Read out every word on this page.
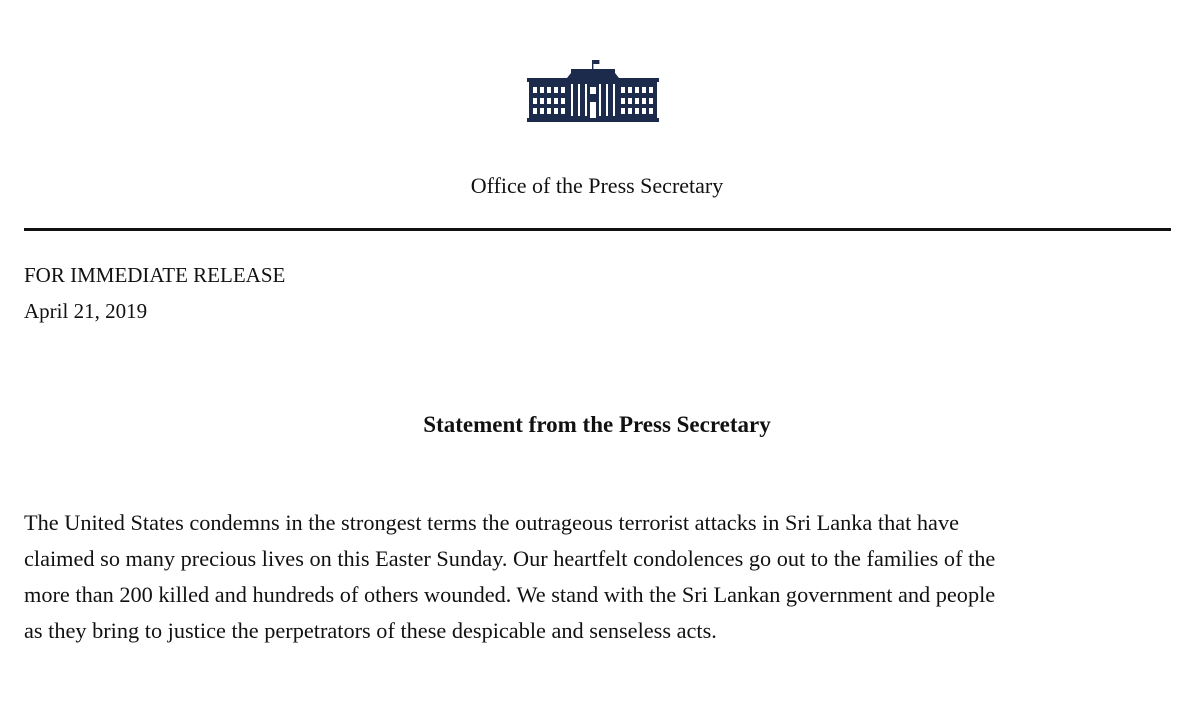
Office of the Press Secretary
FOR IMMEDIATE RELEASE
April 21, 2019
Statement from the Press Secretary
The United States condemns in the strongest terms the outrageous terrorist attacks in Sri Lanka that have
claimed so many precious lives on this Easter Sunday. Our heartfelt condolences go out to the families of the
more than 200 killed and hundreds of others wounded. We stand with the Sri Lankan government and people
as they bring to justice the perpetrators of these despicable and senseless acts.
